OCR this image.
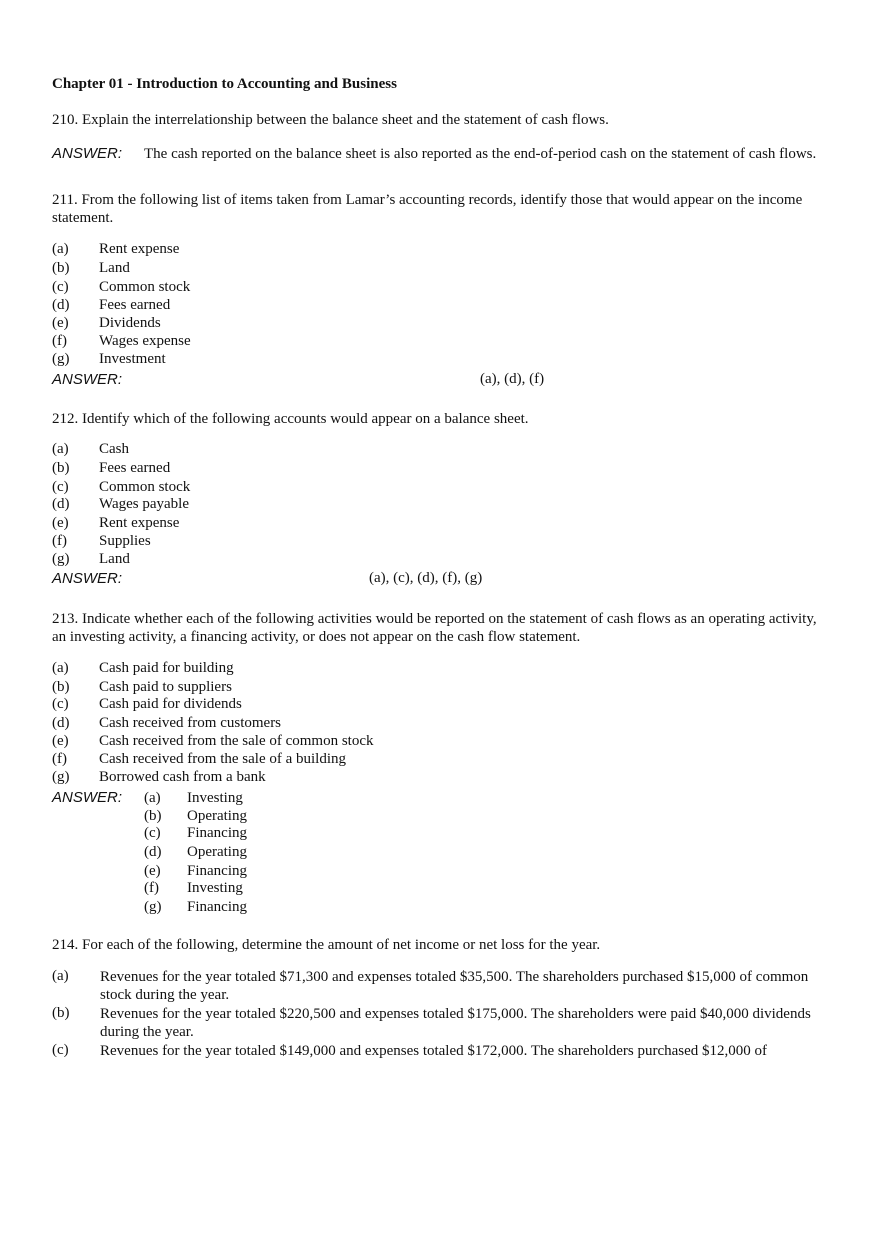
Chapter 01 - Introduction to Accounting and Business
210. Explain the interrelationship between the balance sheet and the statement of cash flows.
ANSWER: The cash reported on the balance sheet is also reported as the end-of-period cash on the statement of cash flows.
211. From the following list of items taken from Lamar’s accounting records, identify those that would appear on the income statement.
(a) Rent expense
(b) Land
(c) Common stock
(d) Fees earned
(e) Dividends
(f) Wages expense
(g) Investment
ANSWER:	(a), (d), (f)
212. Identify which of the following accounts would appear on a balance sheet.
(a) Cash
(b) Fees earned
(c) Common stock
(d) Wages payable
(e) Rent expense
(f) Supplies
(g) Land
ANSWER:	(a), (c), (d), (f), (g)
213. Indicate whether each of the following activities would be reported on the statement of cash flows as an operating activity, an investing activity, a financing activity, or does not appear on the cash flow statement.
(a) Cash paid for building
(b) Cash paid to suppliers
(c) Cash paid for dividends
(d) Cash received from customers
(e) Cash received from the sale of common stock
(f) Cash received from the sale of a building
(g) Borrowed cash from a bank
ANSWER: (a) Investing
(b) Operating
(c) Financing
(d) Operating
(e) Financing
(f) Investing
(g) Financing
214. For each of the following, determine the amount of net income or net loss for the year.
(a) Revenues for the year totaled $71,300 and expenses totaled $35,500. The shareholders purchased $15,000 of common stock during the year.
(b) Revenues for the year totaled $220,500 and expenses totaled $175,000. The shareholders were paid $40,000 dividends during the year.
(c) Revenues for the year totaled $149,000 and expenses totaled $172,000. The shareholders purchased $12,000 of
